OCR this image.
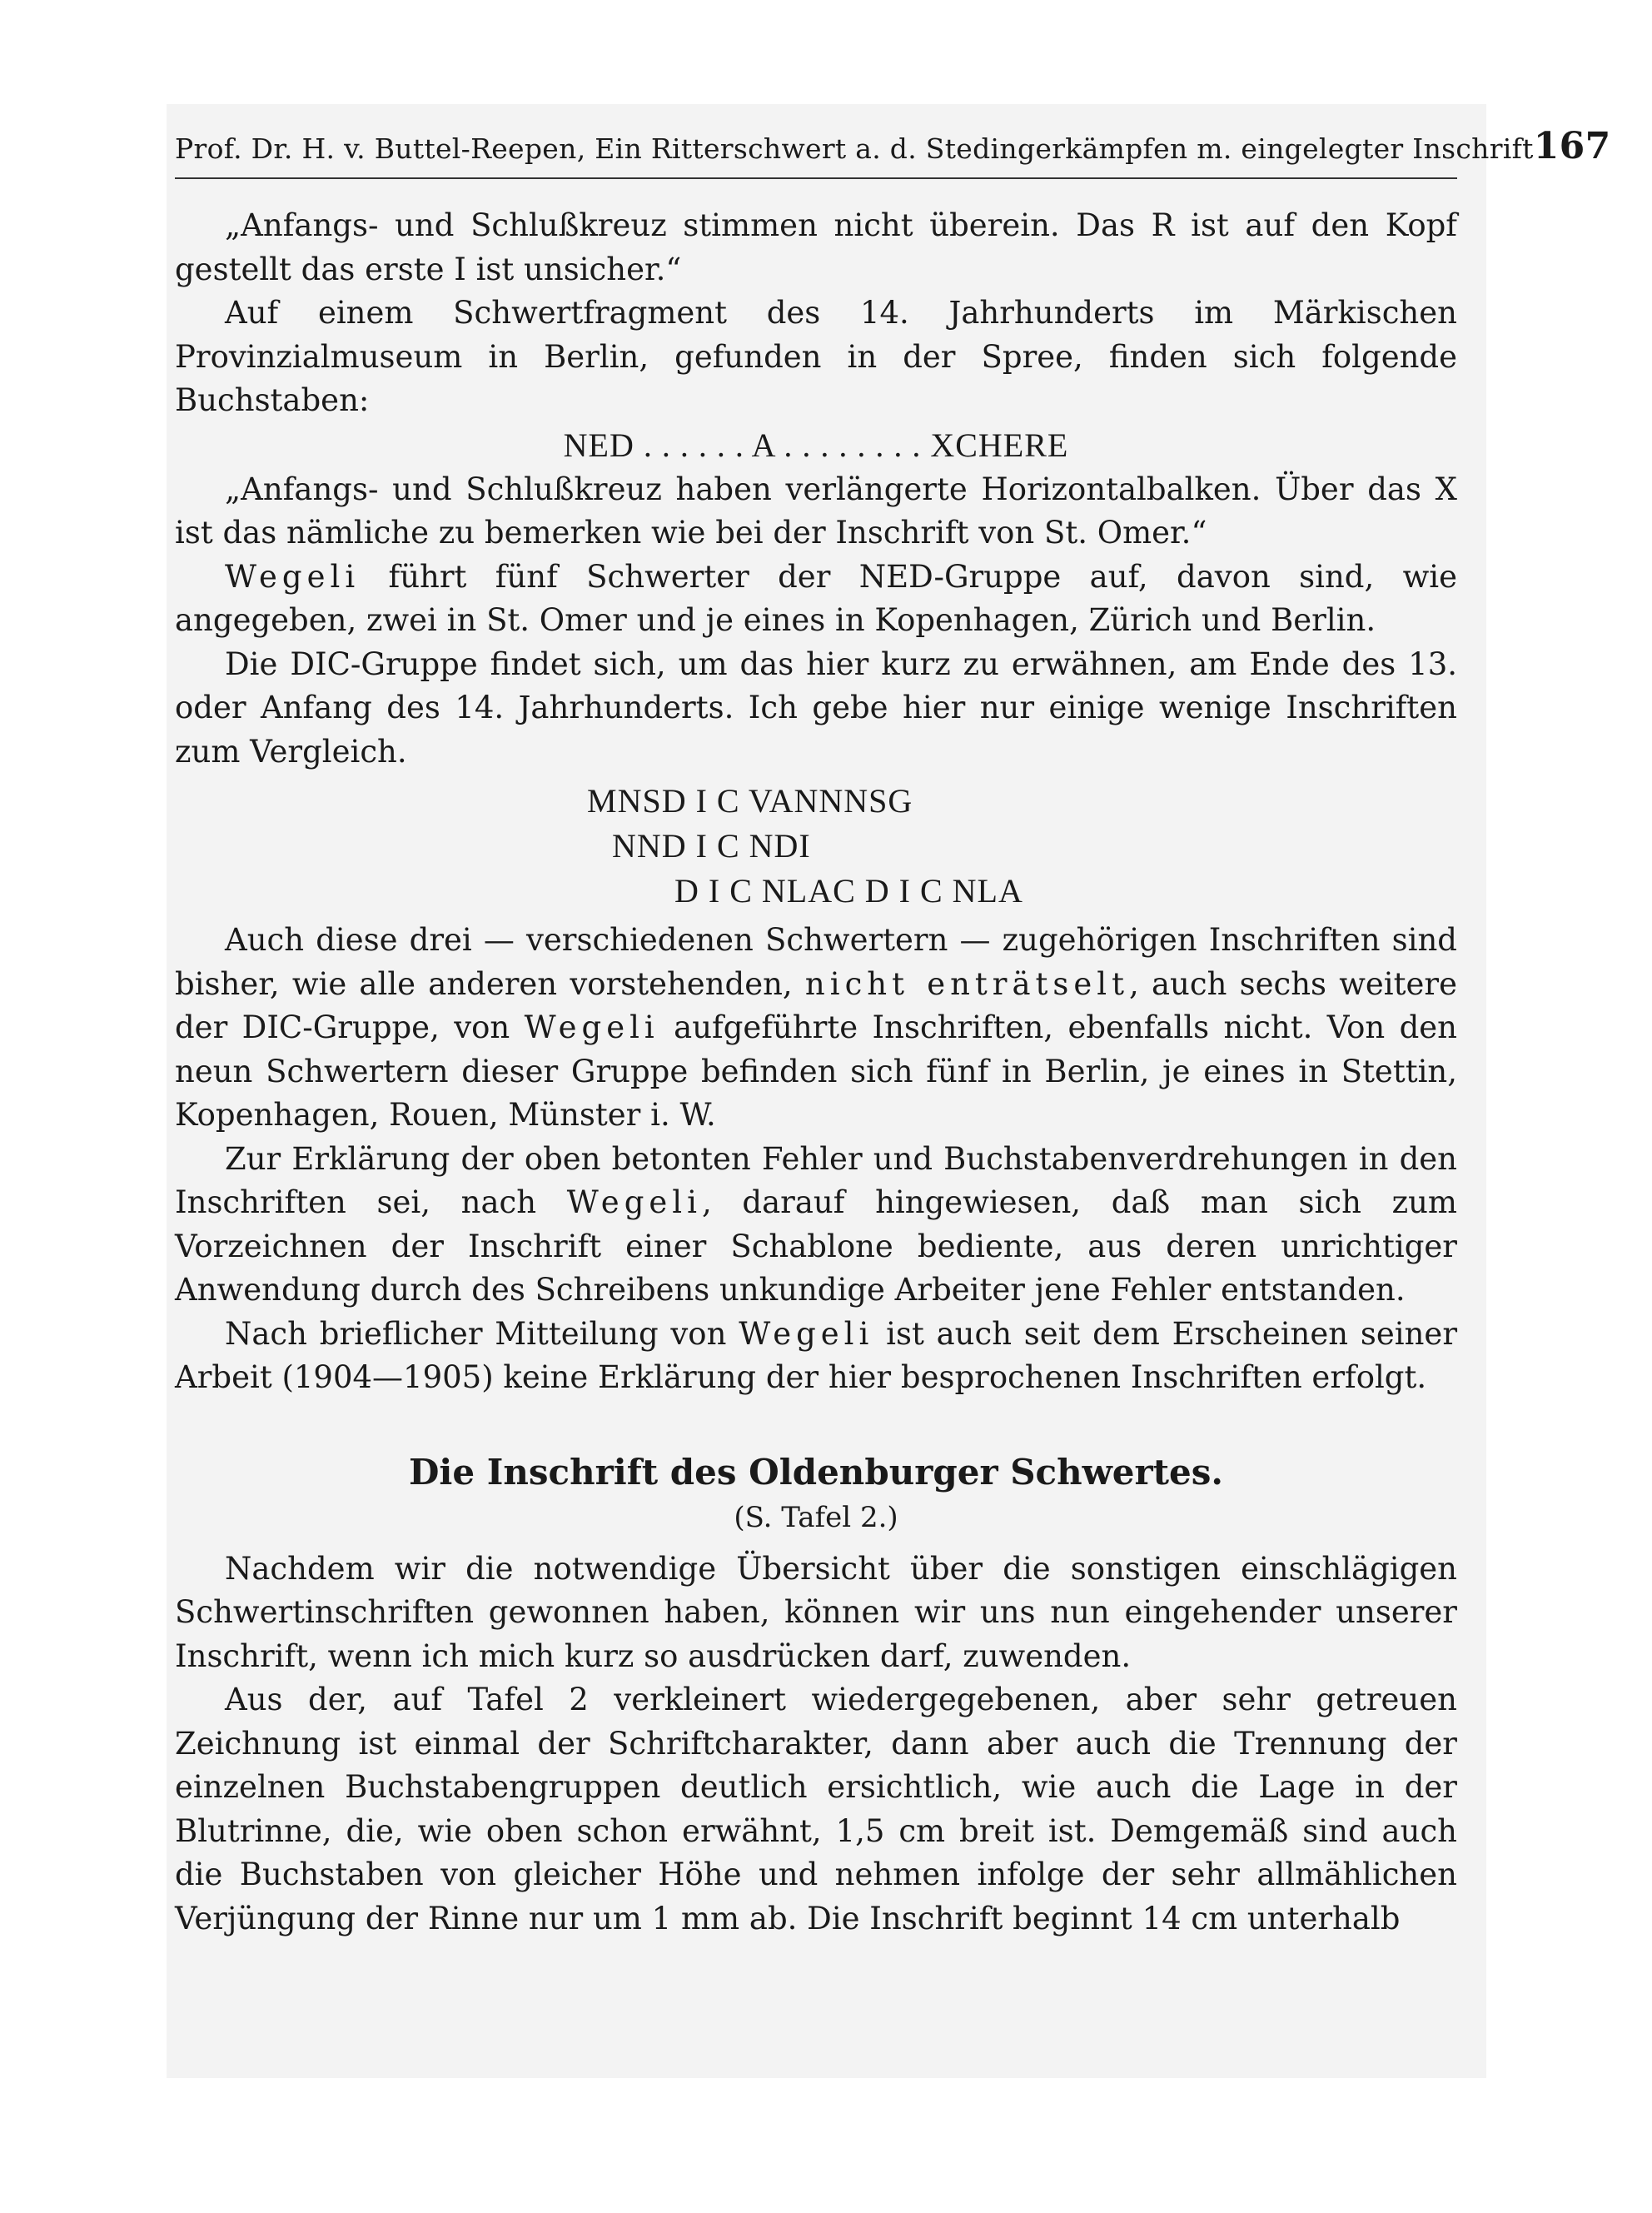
Prof. Dr. H. v. Buttel-Reepen, Ein Ritterschwert a. d. Stedingerkämpfen m. eingelegter Inschrift 167

„Anfangs- und Schlußkreuz stimmen nicht überein. Das R ist auf den Kopf gestellt das erste I ist unsicher.“

Auf einem Schwertfragment des 14. Jahrhunderts im Märkischen Provinzialmuseum in Berlin, gefunden in der Spree, finden sich folgende Buchstaben:

NED . . . . . . A . . . . . . . . XCHERE

„Anfangs- und Schlußkreuz haben verlängerte Horizontalbalken. Über das X ist das nämliche zu bemerken wie bei der Inschrift von St. Omer.“

Wegeli führt fünf Schwerter der NED-Gruppe auf, davon sind, wie angegeben, zwei in St. Omer und je eines in Kopenhagen, Zürich und Berlin.

Die DIC-Gruppe findet sich, um das hier kurz zu erwähnen, am Ende des 13. oder Anfang des 14. Jahrhunderts. Ich gebe hier nur einige wenige Inschriften zum Vergleich.

MNSD I C VANNNSG

NND I C NDI

D I C NLAC D I C NLA

Auch diese drei — verschiedenen Schwertern — zugehörigen Inschriften sind bisher, wie alle anderen vorstehenden, nicht enträtselt, auch sechs weitere der DIC-Gruppe, von Wegeli aufgeführte Inschriften, ebenfalls nicht. Von den neun Schwertern dieser Gruppe befinden sich fünf in Berlin, je eines in Stettin, Kopenhagen, Rouen, Münster i. W.

Zur Erklärung der oben betonten Fehler und Buchstabenverdrehungen in den Inschriften sei, nach Wegeli, darauf hingewiesen, daß man sich zum Vorzeichnen der Inschrift einer Schablone bediente, aus deren unrichtiger Anwendung durch des Schreibens unkundige Arbeiter jene Fehler entstanden.

Nach brieflicher Mitteilung von Wegeli ist auch seit dem Erscheinen seiner Arbeit (1904—1905) keine Erklärung der hier besprochenen Inschriften erfolgt.

Die Inschrift des Oldenburger Schwertes.

(S. Tafel 2.)

Nachdem wir die notwendige Übersicht über die sonstigen einschlägigen Schwertinschriften gewonnen haben, können wir uns nun eingehender unserer Inschrift, wenn ich mich kurz so ausdrücken darf, zuwenden.

Aus der, auf Tafel 2 verkleinert wiedergegebenen, aber sehr getreuen Zeichnung ist einmal der Schriftcharakter, dann aber auch die Trennung der einzelnen Buchstabengruppen deutlich ersichtlich, wie auch die Lage in der Blutrinne, die, wie oben schon erwähnt, 1,5 cm breit ist. Demgemäß sind auch die Buchstaben von gleicher Höhe und nehmen infolge der sehr allmählichen Verjüngung der Rinne nur um 1 mm ab. Die Inschrift beginnt 14 cm unterhalb
